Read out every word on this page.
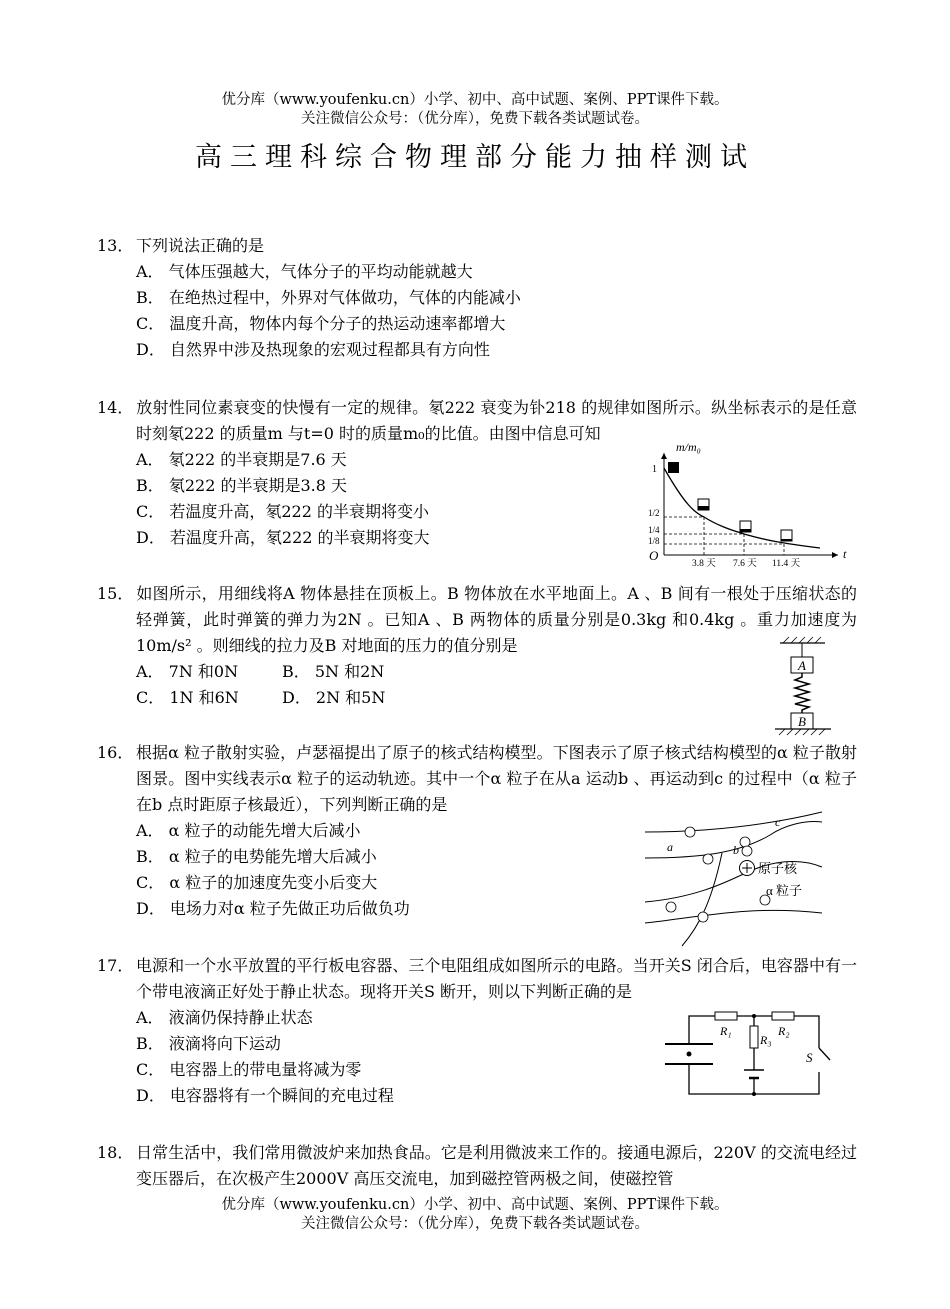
优分库（www.youfenku.cn）小学、初中、高中试题、案例、PPT课件下载。
关注微信公众号：（优分库），免费下载各类试题试卷。
高三理科综合物理部分能力抽样测试
13． 下列说法正确的是
A． 气体压强越大，气体分子的平均动能就越大
B． 在绝热过程中，外界对气体做功，气体的内能减小
C． 温度升高，物体内每个分子的热运动速率都增大
D． 自然界中涉及热现象的宏观过程都具有方向性
14． 放射性同位素衰变的快慢有一定的规律。氡222 衰变为钋218 的规律如图所示。纵坐标表示的是任意时刻氡222 的质量m 与t=0 时的质量m₀的比值。由图中信息可知
A． 氡222 的半衰期是7.6 天
B． 氡222 的半衰期是3.8 天
C． 若温度升高，氡222 的半衰期将变小
D． 若温度升高，氡222 的半衰期将变大
15． 如图所示，用细线将A 物体悬挂在顶板上。B 物体放在水平地面上。A 、B 间有一根处于压缩状态的轻弹簧，此时弹簧的弹力为2N 。已知A 、B 两物体的质量分别是0.3kg 和0.4kg 。重力加速度为10m/s² 。则细线的拉力及B 对地面的压力的值分别是
A． 7N 和0N	B． 5N 和2N
C． 1N 和6N	D． 2N 和5N
16． 根据α 粒子散射实验，卢瑟福提出了原子的核式结构模型。下图表示了原子核式结构模型的α 粒子散射图景。图中实线表示α 粒子的运动轨迹。其中一个α 粒子在从a 运动b 、再运动到c 的过程中（α 粒子在b 点时距原子核最近），下列判断正确的是
A． α 粒子的动能先增大后减小
B． α 粒子的电势能先增大后减小
C． α 粒子的加速度先变小后变大
D． 电场力对α 粒子先做正功后做负功
17． 电源和一个水平放置的平行板电容器、三个电阻组成如图所示的电路。当开关S 闭合后，电容器中有一个带电液滴正好处于静止状态。现将开关S 断开，则以下判断正确的是
A． 液滴仍保持静止状态
B． 液滴将向下运动
C． 电容器上的带电量将减为零
D． 电容器将有一个瞬间的充电过程
18． 日常生活中，我们常用微波炉来加热食品。它是利用微波来工作的。接通电源后，220V 的交流电经过变压器后，在次极产生2000V 高压交流电，加到磁控管两极之间，使磁控管
优分库（www.youfenku.cn）小学、初中、高中试题、案例、PPT课件下载。
关注微信公众号：（优分库），免费下载各类试题试卷。
m/m₀
t
O
1
1/2
1/4
1/8
3.8 天 7.6 天 11.4 天
A
B
c
a	b
原子核
α 粒子
R₁	R₂
R₃
S
